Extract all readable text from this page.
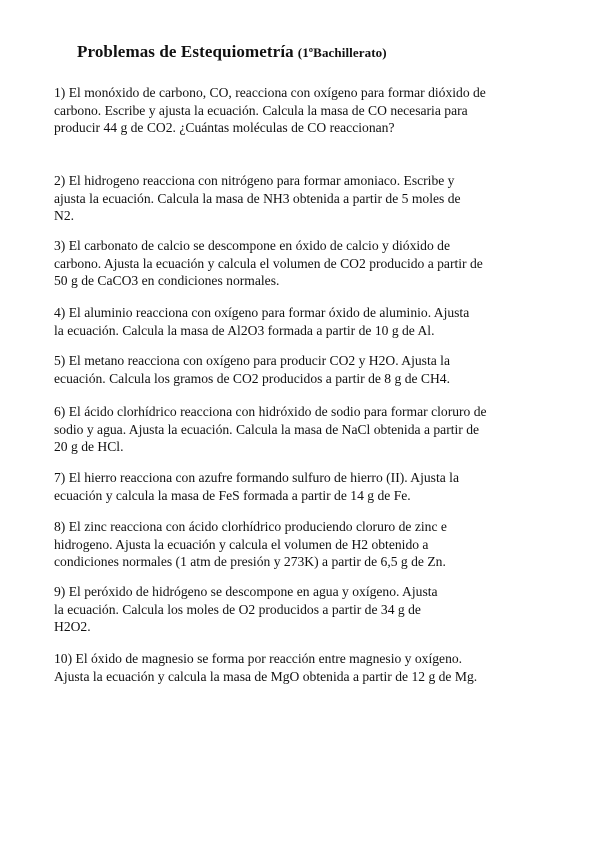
Problemas de Estequiometría (1ºBachillerato)
1) El monóxido de carbono, CO, reacciona con oxígeno para formar dióxido de
carbono. Escribe y ajusta la ecuación. Calcula la masa de CO necesaria para
producir 44 g de CO2. ¿Cuántas moléculas de CO reaccionan?
2) El hidrogeno reacciona con nitrógeno para formar amoniaco. Escribe y
ajusta la ecuación. Calcula la masa de NH3 obtenida a partir de 5 moles de
N2.
3) El carbonato de calcio se descompone en óxido de calcio y dióxido de
carbono. Ajusta la ecuación y calcula el volumen de CO2 producido a partir de
50 g de CaCO3 en condiciones normales.
4) El aluminio reacciona con oxígeno para formar óxido de aluminio. Ajusta
la ecuación. Calcula la masa de Al2O3 formada a partir de 10 g de Al.
5) El metano reacciona con oxígeno para producir CO2 y H2O. Ajusta la
ecuación. Calcula los gramos de CO2 producidos a partir de 8 g de CH4.
6) El ácido clorhídrico reacciona con hidróxido de sodio para formar cloruro de
sodio y agua. Ajusta la ecuación. Calcula la masa de NaCl obtenida a partir de
20 g de HCl.
7) El hierro reacciona con azufre formando sulfuro de hierro (II). Ajusta la
ecuación y calcula la masa de FeS formada a partir de 14 g de Fe.
8) El zinc reacciona con ácido clorhídrico produciendo cloruro de zinc e
hidrogeno. Ajusta la ecuación y calcula el volumen de H2 obtenido a
condiciones normales (1 atm de presión y 273K) a partir de 6,5 g de Zn.
9) El peróxido de hidrógeno se descompone en agua y oxígeno. Ajusta
la ecuación. Calcula los moles de O2 producidos a partir de 34 g de
H2O2.
10) El óxido de magnesio se forma por reacción entre magnesio y oxígeno.
Ajusta la ecuación y calcula la masa de MgO obtenida a partir de 12 g de Mg.
